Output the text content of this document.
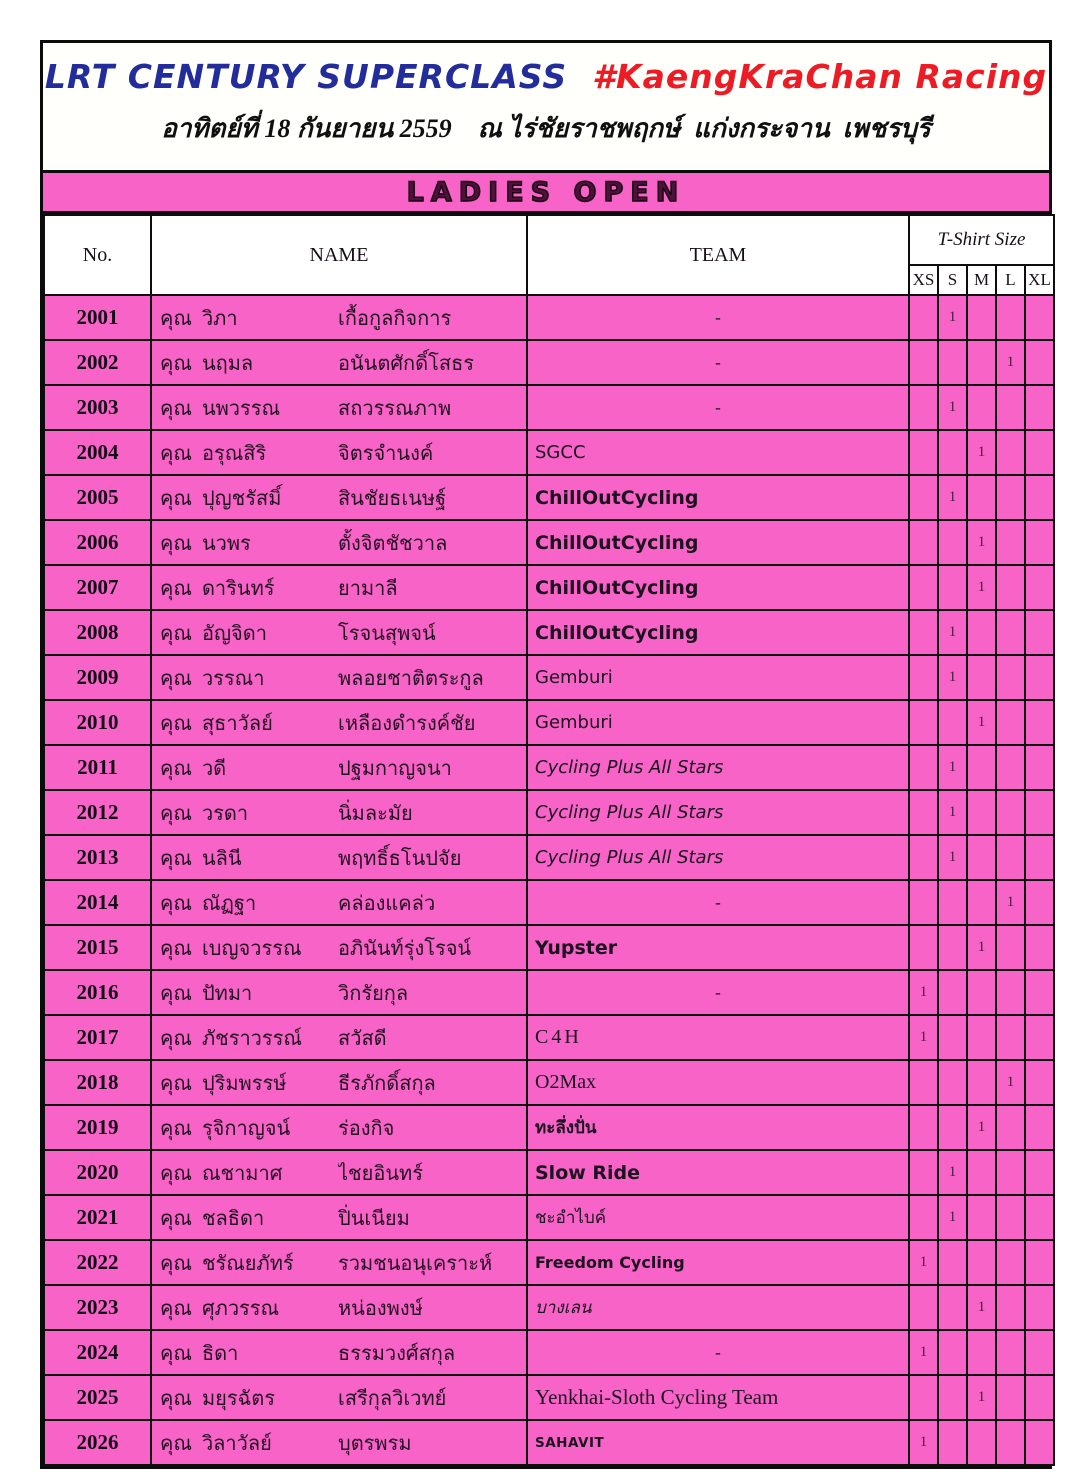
LRT CENTURY SUPERCLASS  #KaengKraChan Racing
อาทิตย์ที่ 18 กันยายน 2559    ณ ไร่ชัยราชพฤกษ์  แก่งกระจาน  เพชรบุรี
LADIES OPEN
No.	NAME	TEAM	T-Shirt Size				
			XS	S	M	L	XL
2001	คุณ วิภา เกื้อกูลกิจการ	-		1			
2002	คุณ นฤมล อนันตศักดิ์โสธร	-				1	
2003	คุณ นพวรรณ สถวรรณภาพ	-		1			
2004	คุณ อรุณสิริ จิตรจำนงค์	SGCC			1		
2005	คุณ ปุญชรัสมิ์ สินชัยธเนษฐ์	ChillOutCycling		1			
2006	คุณ นวพร ตั้งจิตชัชวาล	ChillOutCycling			1		
2007	คุณ ดารินทร์ ยามาลี	ChillOutCycling			1		
2008	คุณ อัญจิดา โรจนสุพจน์	ChillOutCycling		1			
2009	คุณ วรรณา พลอยชาติตระกูล	Gemburi		1			
2010	คุณ สุธาวัลย์ เหลืองดำรงค์ชัย	Gemburi			1		
2011	คุณ วดี ปฐมกาญจนา	Cycling Plus All Stars		1			
2012	คุณ วรดา นิ่มละมัย	Cycling Plus All Stars		1			
2013	คุณ นลินี พฤทธิ์ธโนปจัย	Cycling Plus All Stars		1			
2014	คุณ ณัฏฐา คล่องแคล่ว	-				1	
2015	คุณ เบญจวรรณ อภินันท์รุ่งโรจน์	Yupster			1		
2016	คุณ ปัทมา วิกรัยกุล	-	1				
2017	คุณ ภัชราวรรณ์ สวัสดี	C4H	1				
2018	คุณ ปุริมพรรษ์ ธีรภักดิ์สกุล	O2Max				1	
2019	คุณ รุจิกาญจน์ ร่องกิจ	ทะลึ่งปั่น			1		
2020	คุณ ณชามาศ ไชยอินทร์	Slow Ride		1			
2021	คุณ ชลธิดา ปิ่นเนียม	ชะอำไบค์		1			
2022	คุณ ชรัณยภัทร์ รวมชนอนุเคราะห์	Freedom Cycling	1				
2023	คุณ ศุภวรรณ หน่องพงษ์	บางเลน			1		
2024	คุณ ธิดา ธรรมวงศ์สกุล	-	1				
2025	คุณ มยุรฉัตร เสรีกุลวิเวทย์	Yenkhai-Sloth Cycling Team			1		
2026	คุณ วิลาวัลย์ บุตรพรม	SAHAVIT	1				
